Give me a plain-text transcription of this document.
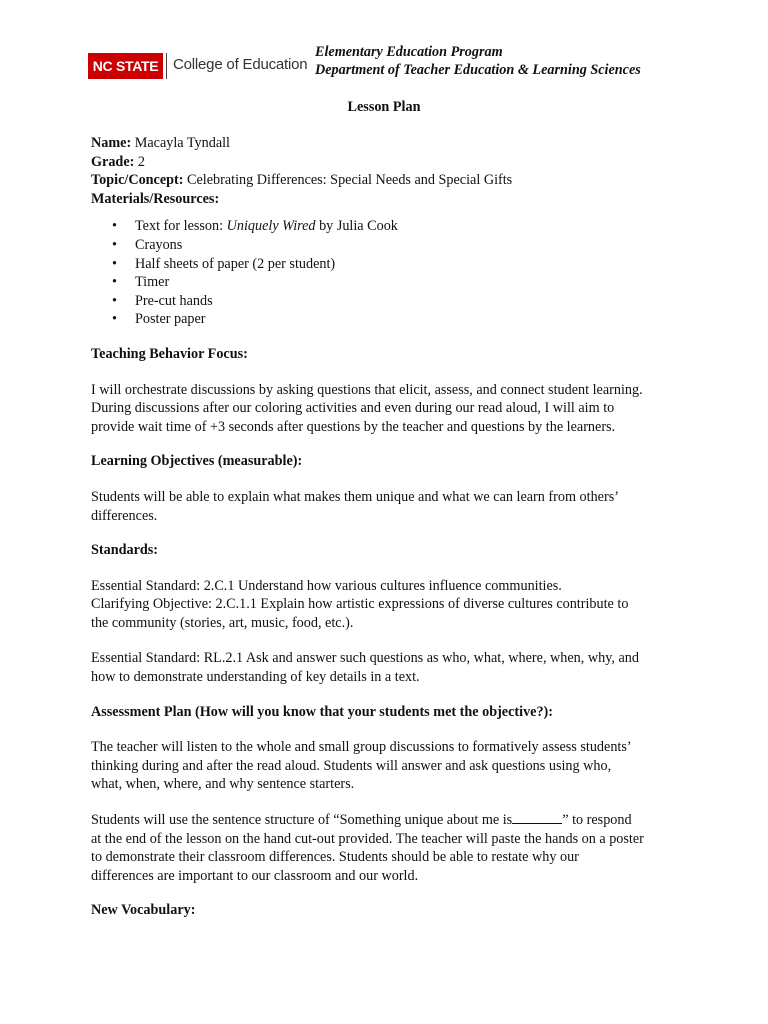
NC STATE College of Education
Elementary Education Program
Department of Teacher Education & Learning Sciences
Lesson Plan
Name: Macayla Tyndall
Grade: 2
Topic/Concept: Celebrating Differences: Special Needs and Special Gifts
Materials/Resources:
• Text for lesson: Uniquely Wired by Julia Cook
• Crayons
• Half sheets of paper (2 per student)
• Timer
• Pre-cut hands
• Poster paper
Teaching Behavior Focus:
I will orchestrate discussions by asking questions that elicit, assess, and connect student learning.
During discussions after our coloring activities and even during our read aloud, I will aim to
provide wait time of +3 seconds after questions by the teacher and questions by the learners.
Learning Objectives (measurable):
Students will be able to explain what makes them unique and what we can learn from others’
differences.
Standards:
Essential Standard: 2.C.1 Understand how various cultures influence communities.
Clarifying Objective: 2.C.1.1 Explain how artistic expressions of diverse cultures contribute to
the community (stories, art, music, food, etc.).
Essential Standard: RL.2.1 Ask and answer such questions as who, what, where, when, why, and
how to demonstrate understanding of key details in a text.
Assessment Plan (How will you know that your students met the objective?):
The teacher will listen to the whole and small group discussions to formatively assess students’
thinking during and after the read aloud. Students will answer and ask questions using who,
what, when, where, and why sentence starters.
Students will use the sentence structure of “Something unique about me is	” to respond
at the end of the lesson on the hand cut-out provided. The teacher will paste the hands on a poster
to demonstrate their classroom differences. Students should be able to restate why our
differences are important to our classroom and our world.
New Vocabulary:
